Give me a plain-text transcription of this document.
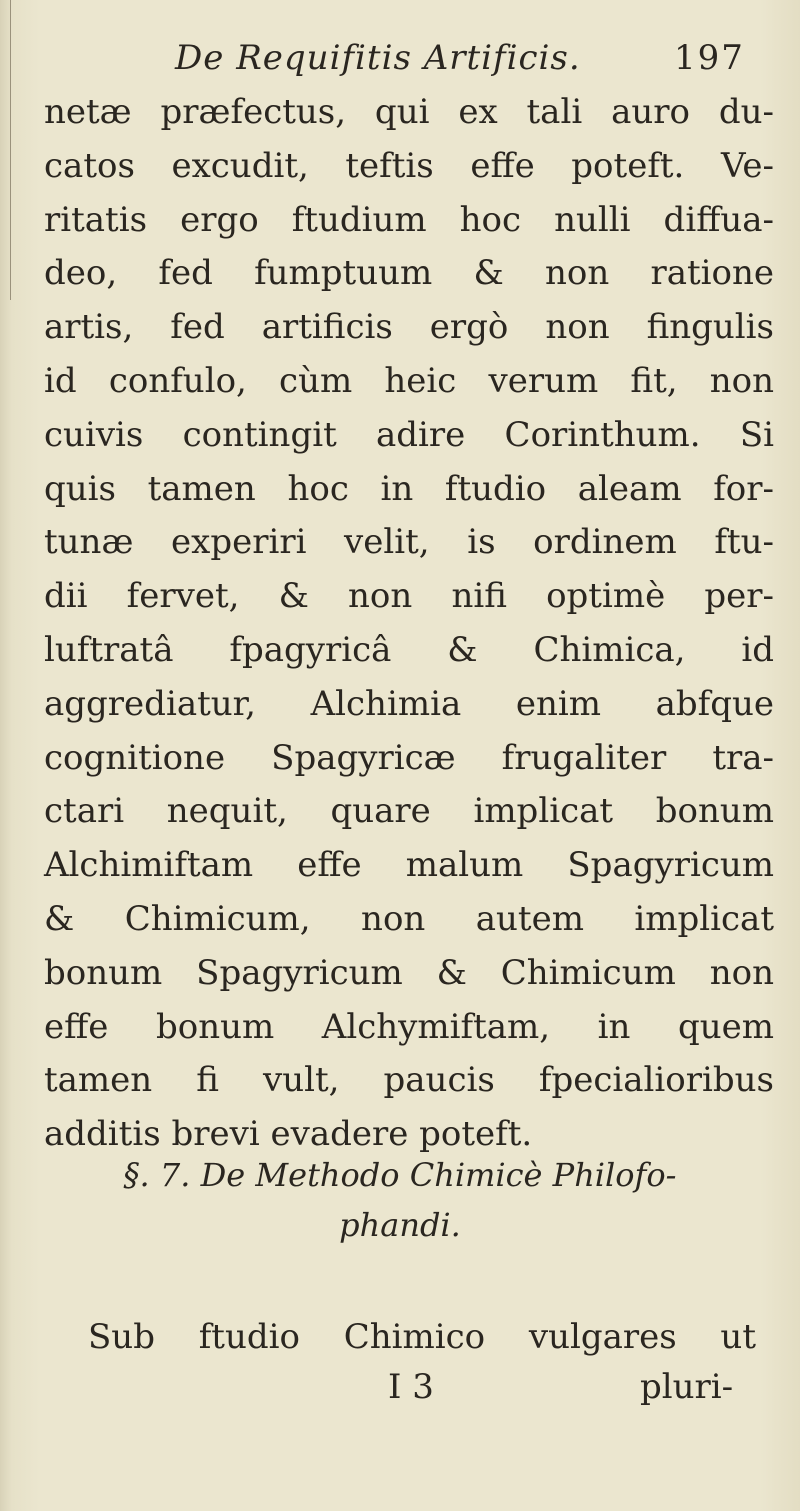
De Requifitis Artificis.	197
netæ præfectus, qui ex tali auro du-
catos excudit, teftis effe poteft. Ve-
ritatis ergo ftudium hoc nulli diffua-
deo, fed fumptuum & non ratione
artis, fed artificis ergò non fingulis
id confulo, cùm heic verum fit, non
cuivis contingit adire Corinthum. Si
quis tamen hoc in ftudio aleam for-
tunæ experiri velit, is ordinem ftu-
dii fervet, & non nifi optimè per-
luftratâ fpagyricâ & Chimica, id
aggrediatur, Alchimia enim abfque
cognitione Spagyricæ frugaliter tra-
ctari nequit, quare implicat bonum
Alchimiftam effe malum Spagyricum
& Chimicum, non autem implicat
bonum Spagyricum & Chimicum non
effe bonum Alchymiftam, in quem
tamen fi vult, paucis fpecialioribus
additis brevi evadere poteft.
§. 7. De Methodo Chimicè Philofo-
phandi.
Sub ftudio Chimico vulgares ut
I 3	pluri-
